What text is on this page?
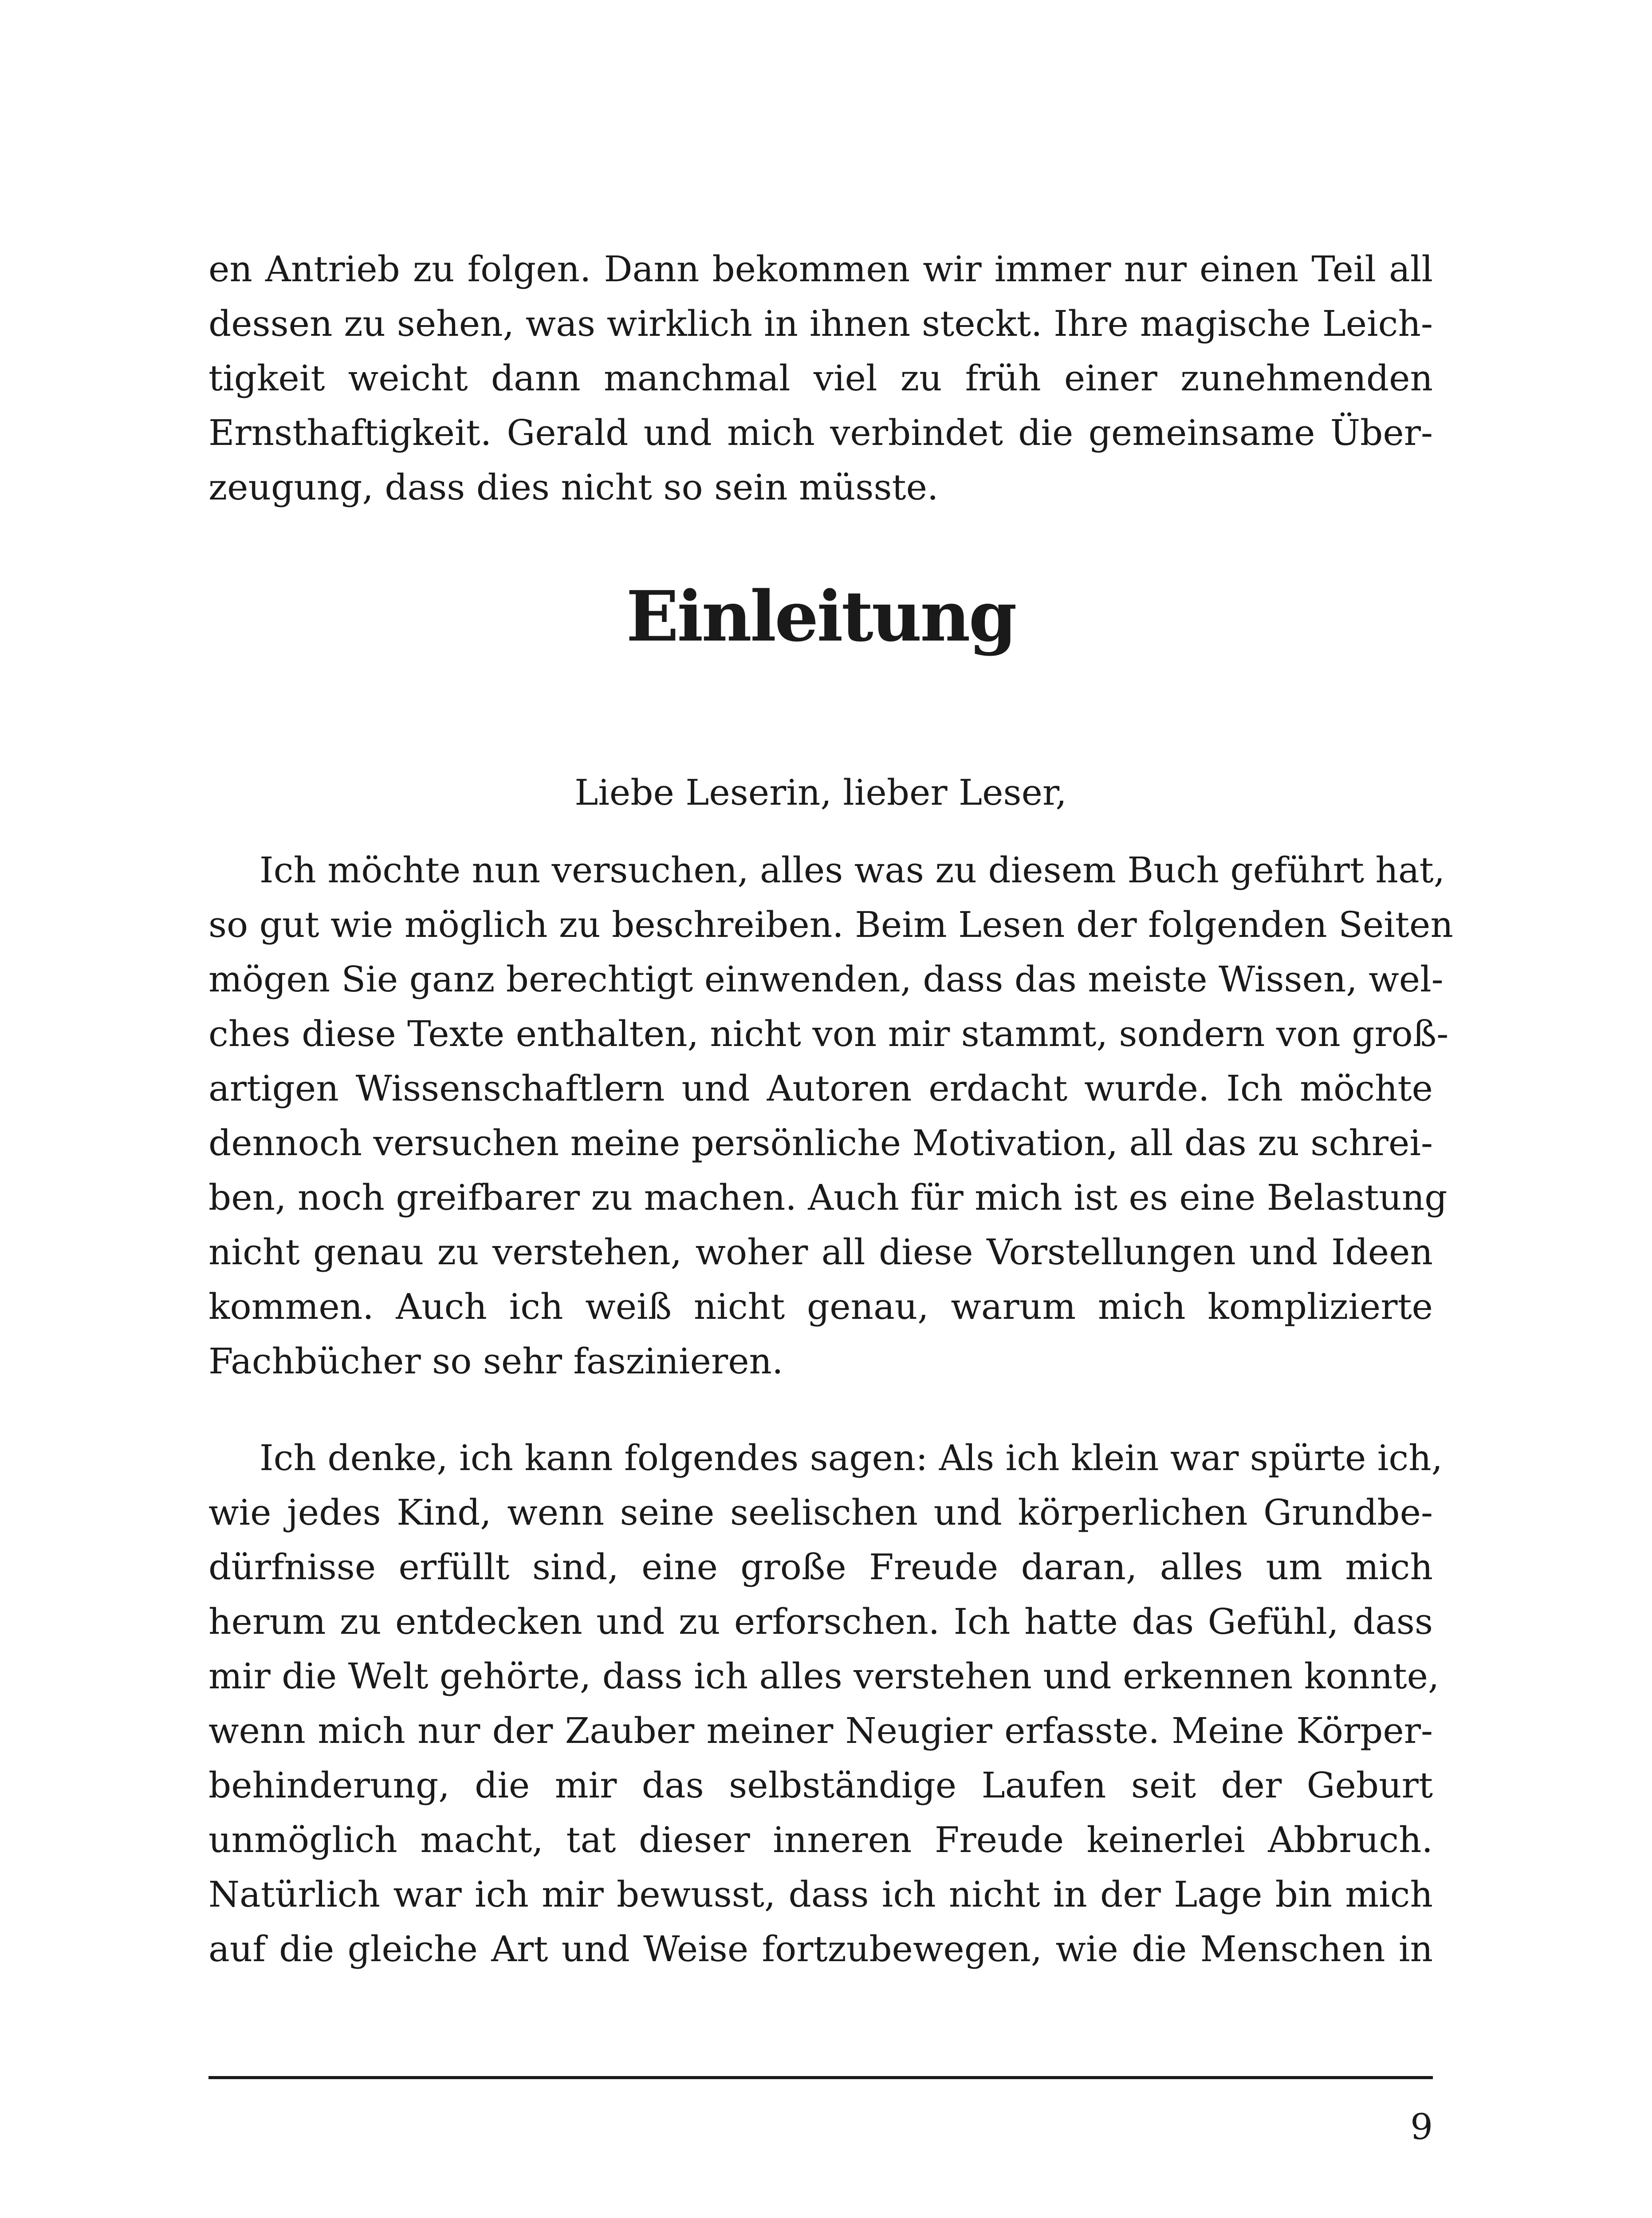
en Antrieb zu folgen. Dann bekommen wir immer nur einen Teil all
dessen zu sehen, was wirklich in ihnen steckt. Ihre magische Leich-
tigkeit weicht dann manchmal viel zu früh einer zunehmenden
Ernsthaftigkeit. Gerald und mich verbindet die gemeinsame Über-
zeugung, dass dies nicht so sein müsste.
Einleitung
Liebe Leserin, lieber Leser,
Ich möchte nun versuchen, alles was zu diesem Buch geführt hat,
so gut wie möglich zu beschreiben. Beim Lesen der folgenden Seiten
mögen Sie ganz berechtigt einwenden, dass das meiste Wissen, wel-
ches diese Texte enthalten, nicht von mir stammt, sondern von groß-
artigen Wissenschaftlern und Autoren erdacht wurde. Ich möchte
dennoch versuchen meine persönliche Motivation, all das zu schrei-
ben, noch greifbarer zu machen. Auch für mich ist es eine Belastung
nicht genau zu verstehen, woher all diese Vorstellungen und Ideen
kommen. Auch ich weiß nicht genau, warum mich komplizierte
Fachbücher so sehr faszinieren.
Ich denke, ich kann folgendes sagen: Als ich klein war spürte ich,
wie jedes Kind, wenn seine seelischen und körperlichen Grundbe-
dürfnisse erfüllt sind, eine große Freude daran, alles um mich
herum zu entdecken und zu erforschen. Ich hatte das Gefühl, dass
mir die Welt gehörte, dass ich alles verstehen und erkennen konnte,
wenn mich nur der Zauber meiner Neugier erfasste. Meine Körper-
behinderung, die mir das selbständige Laufen seit der Geburt
unmöglich macht, tat dieser inneren Freude keinerlei Abbruch.
Natürlich war ich mir bewusst, dass ich nicht in der Lage bin mich
auf die gleiche Art und Weise fortzubewegen, wie die Menschen in
9
